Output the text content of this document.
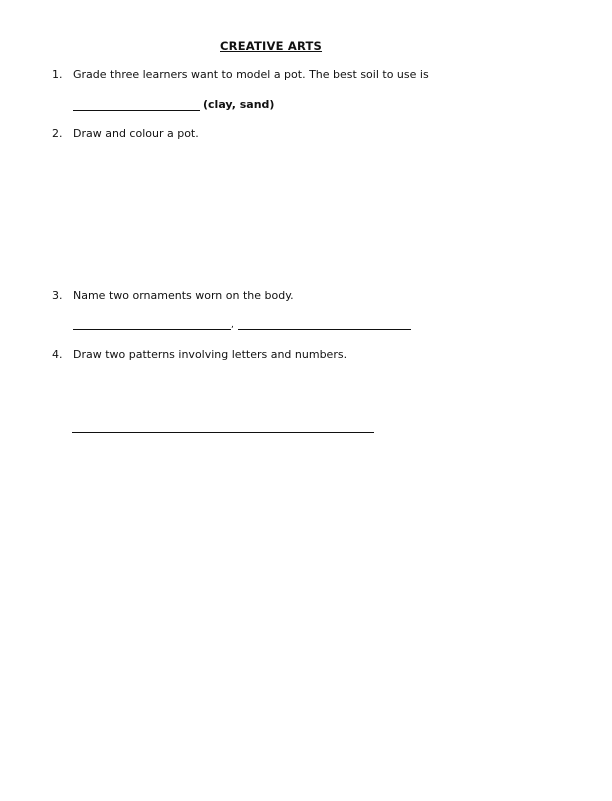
CREATIVE ARTS
1. Grade three learners want to model a pot. The best soil to use is
(clay, sand)
2. Draw and colour a pot.
3. Name two ornaments worn on the body.
,
4. Draw two patterns involving letters and numbers.
